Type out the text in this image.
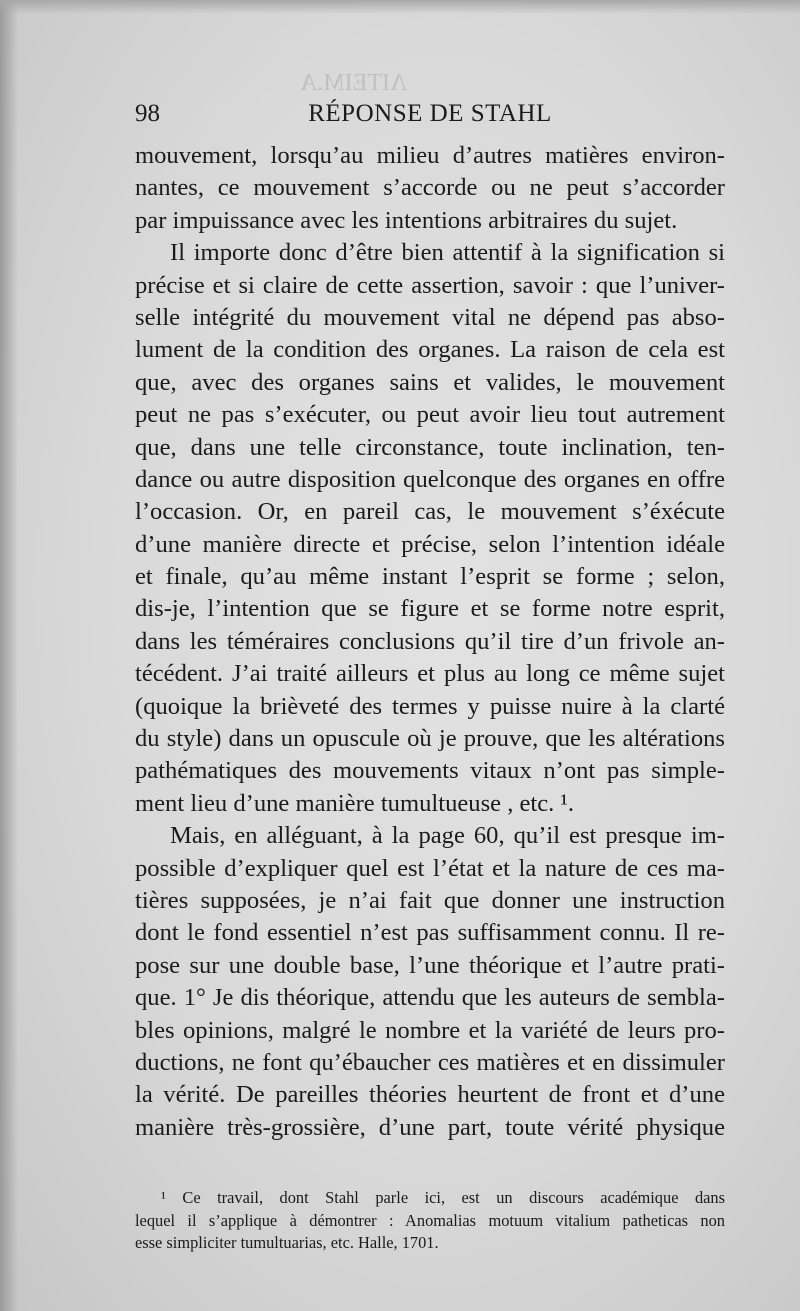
ΛΙΤΕΙΜ.Α
98	RÉPONSE DE STAHL
mouvement, lorsqu’au milieu d’autres matières environ-
nantes, ce mouvement s’accorde ou ne peut s’accorder
par impuissance avec les intentions arbitraires du sujet.
Il importe donc d’être bien attentif à la signification si
précise et si claire de cette assertion, savoir : que l’univer-
selle intégrité du mouvement vital ne dépend pas abso-
lument de la condition des organes. La raison de cela est
que, avec des organes sains et valides, le mouvement
peut ne pas s’exécuter, ou peut avoir lieu tout autrement
que, dans une telle circonstance, toute inclination, ten-
dance ou autre disposition quelconque des organes en offre
l’occasion. Or, en pareil cas, le mouvement s’éxécute
d’une manière directe et précise, selon l’intention idéale
et finale, qu’au même instant l’esprit se forme ; selon,
dis-je, l’intention que se figure et se forme notre esprit,
dans les téméraires conclusions qu’il tire d’un frivole an-
técédent. J’ai traité ailleurs et plus au long ce même sujet
(quoique la brièveté des termes y puisse nuire à la clarté
du style) dans un opuscule où je prouve, que les altérations
pathématiques des mouvements vitaux n’ont pas simple-
ment lieu d’une manière tumultueuse , etc. ¹.
Mais, en alléguant, à la page 60, qu’il est presque im-
possible d’expliquer quel est l’état et la nature de ces ma-
tières supposées, je n’ai fait que donner une instruction
dont le fond essentiel n’est pas suffisamment connu. Il re-
pose sur une double base, l’une théorique et l’autre prati-
que. 1° Je dis théorique, attendu que les auteurs de sembla-
bles opinions, malgré le nombre et la variété de leurs pro-
ductions, ne font qu’ébaucher ces matières et en dissimuler
la vérité. De pareilles théories heurtent de front et d’une
manière très-grossière, d’une part, toute vérité physique
¹ Ce travail, dont Stahl parle ici, est un discours académique dans
lequel il s’applique à démontrer : Anomalias motuum vitalium patheticas non
esse simpliciter tumultuarias, etc. Halle, 1701.
